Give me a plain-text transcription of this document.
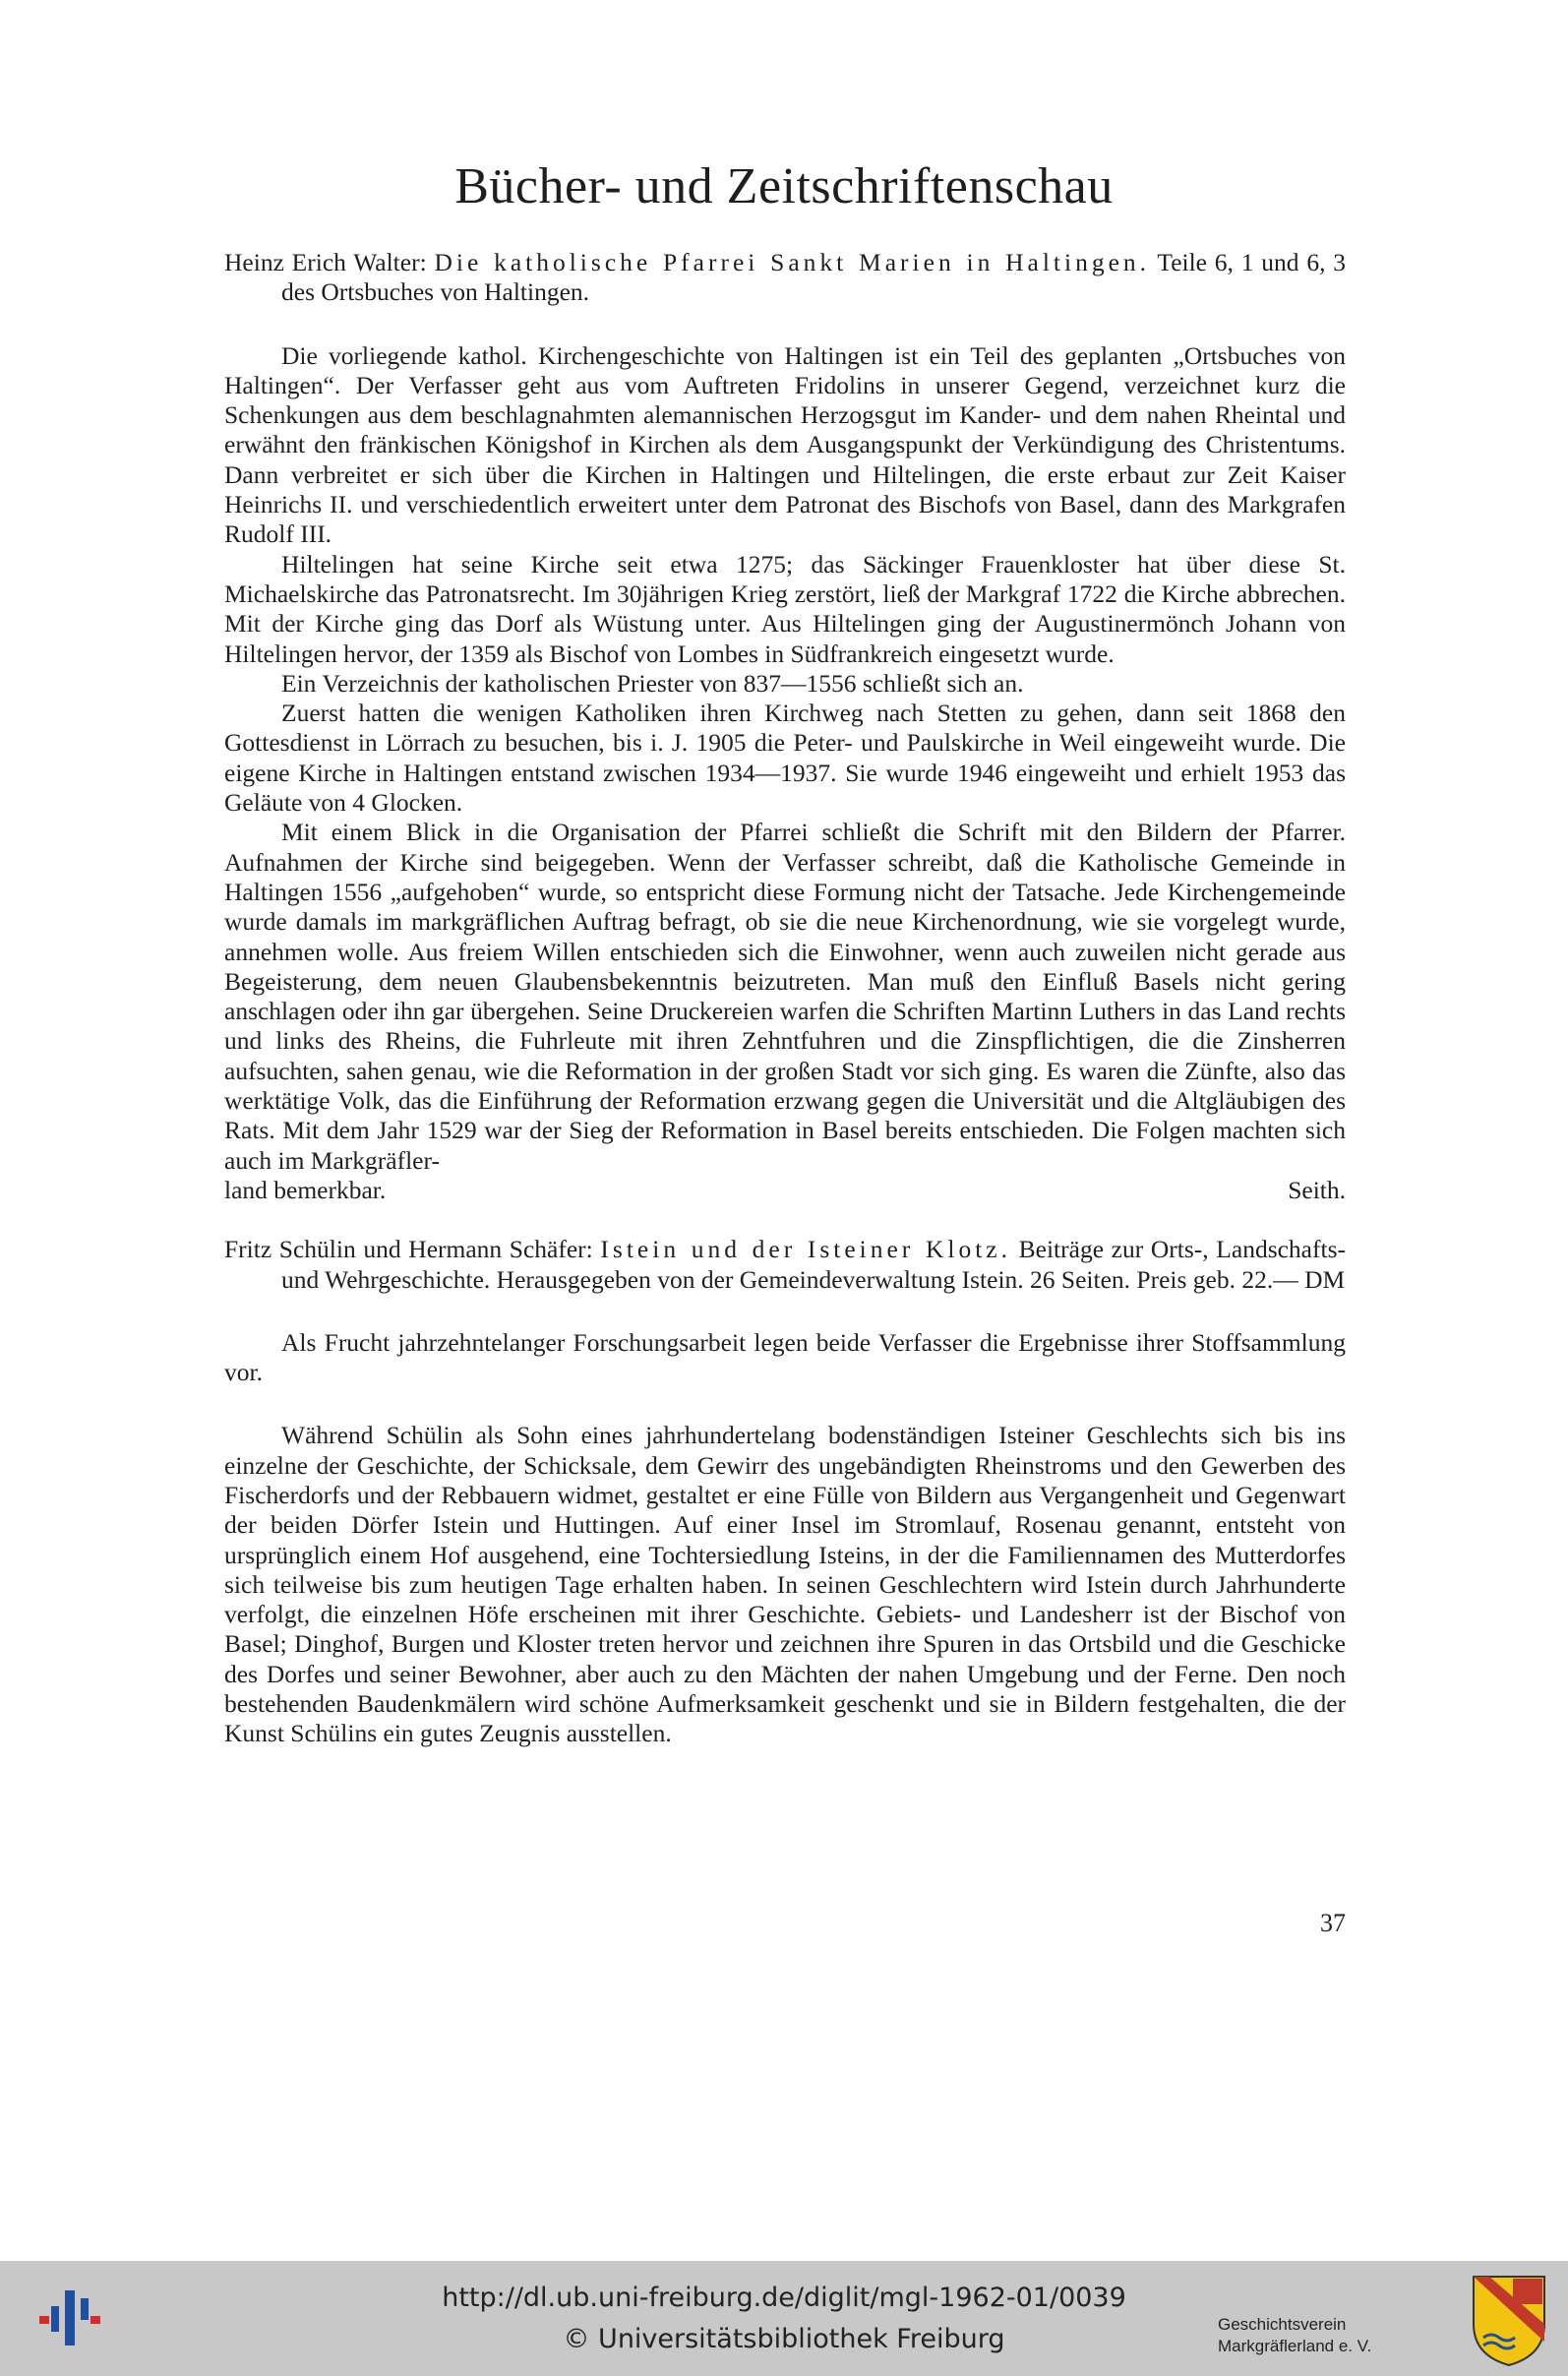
Bücher- und Zeitschriftenschau

Heinz Erich Walter: Die katholische Pfarrei Sankt Marien in Haltingen. Teile 6, 1 und 6, 3 des Ortsbuches von Haltingen.

Die vorliegende kathol. Kirchengeschichte von Haltingen ist ein Teil des geplanten „Ortsbuches von Haltingen“. Der Verfasser geht aus vom Auftreten Fridolins in unserer Gegend, verzeichnet kurz die Schenkungen aus dem beschlagnahmten alemannischen Herzogsgut im Kander- und dem nahen Rheintal und erwähnt den fränkischen Königshof in Kirchen als dem Ausgangspunkt der Verkündigung des Christentums. Dann verbreitet er sich über die Kirchen in Haltingen und Hiltelingen, die erste erbaut zur Zeit Kaiser Heinrichs II. und verschiedentlich erweitert unter dem Patronat des Bischofs von Basel, dann des Markgrafen Rudolf III.

Hiltelingen hat seine Kirche seit etwa 1275; das Säckinger Frauenkloster hat über diese St. Michaelskirche das Patronatsrecht. Im 30jährigen Krieg zerstört, ließ der Markgraf 1722 die Kirche abbrechen. Mit der Kirche ging das Dorf als Wüstung unter. Aus Hiltelingen ging der Augustinermönch Johann von Hiltelingen hervor, der 1359 als Bischof von Lombes in Südfrankreich eingesetzt wurde.

Ein Verzeichnis der katholischen Priester von 837—1556 schließt sich an.

Zuerst hatten die wenigen Katholiken ihren Kirchweg nach Stetten zu gehen, dann seit 1868 den Gottesdienst in Lörrach zu besuchen, bis i. J. 1905 die Peter- und Paulskirche in Weil eingeweiht wurde. Die eigene Kirche in Haltingen entstand zwischen 1934—1937. Sie wurde 1946 eingeweiht und erhielt 1953 das Geläute von 4 Glocken.

Mit einem Blick in die Organisation der Pfarrei schließt die Schrift mit den Bildern der Pfarrer. Aufnahmen der Kirche sind beigegeben. Wenn der Verfasser schreibt, daß die Katholische Gemeinde in Haltingen 1556 „aufgehoben“ wurde, so entspricht diese Formung nicht der Tatsache. Jede Kirchengemeinde wurde damals im markgräflichen Auftrag befragt, ob sie die neue Kirchenordnung, wie sie vorgelegt wurde, annehmen wolle. Aus freiem Willen entschieden sich die Einwohner, wenn auch zuweilen nicht gerade aus Begeisterung, dem neuen Glaubensbekenntnis beizutreten. Man muß den Einfluß Basels nicht gering anschlagen oder ihn gar übergehen. Seine Druckereien warfen die Schriften Martinn Luthers in das Land rechts und links des Rheins, die Fuhrleute mit ihren Zehntfuhren und die Zinspflichtigen, die die Zinsherren aufsuchten, sahen genau, wie die Reformation in der großen Stadt vor sich ging. Es waren die Zünfte, also das werktätige Volk, das die Einführung der Reformation erzwang gegen die Universität und die Altgläubigen des Rats. Mit dem Jahr 1529 war der Sieg der Reformation in Basel bereits entschieden. Die Folgen machten sich auch im Markgräfler-

land bemerkbar.	Seith.

Fritz Schülin und Hermann Schäfer: Istein und der Isteiner Klotz. Beiträge zur Orts-, Landschafts- und Wehrgeschichte. Herausgegeben von der Gemeindeverwaltung Istein. 26 Seiten. Preis geb. 22.— DM

Als Frucht jahrzehntelanger Forschungsarbeit legen beide Verfasser die Ergebnisse ihrer Stoffsammlung vor.

Während Schülin als Sohn eines jahrhundertelang bodenständigen Isteiner Geschlechts sich bis ins einzelne der Geschichte, der Schicksale, dem Gewirr des ungebändigten Rheinstroms und den Gewerben des Fischerdorfs und der Rebbauern widmet, gestaltet er eine Fülle von Bildern aus Vergangenheit und Gegenwart der beiden Dörfer Istein und Huttingen. Auf einer Insel im Stromlauf, Rosenau genannt, entsteht von ursprünglich einem Hof ausgehend, eine Tochtersiedlung Isteins, in der die Familiennamen des Mutterdorfes sich teilweise bis zum heutigen Tage erhalten haben. In seinen Geschlechtern wird Istein durch Jahrhunderte verfolgt, die einzelnen Höfe erscheinen mit ihrer Geschichte. Gebiets- und Landesherr ist der Bischof von Basel; Dinghof, Burgen und Kloster treten hervor und zeichnen ihre Spuren in das Ortsbild und die Geschicke des Dorfes und seiner Bewohner, aber auch zu den Mächten der nahen Umgebung und der Ferne. Den noch bestehenden Baudenkmälern wird schöne Aufmerksamkeit geschenkt und sie in Bildern festgehalten, die der Kunst Schülins ein gutes Zeugnis ausstellen.

37
http://dl.ub.uni-freiburg.de/diglit/mgl-1962-01/0039
© Universitätsbibliothek Freiburg	Geschichtsverein
Markgräflerland e. V.
